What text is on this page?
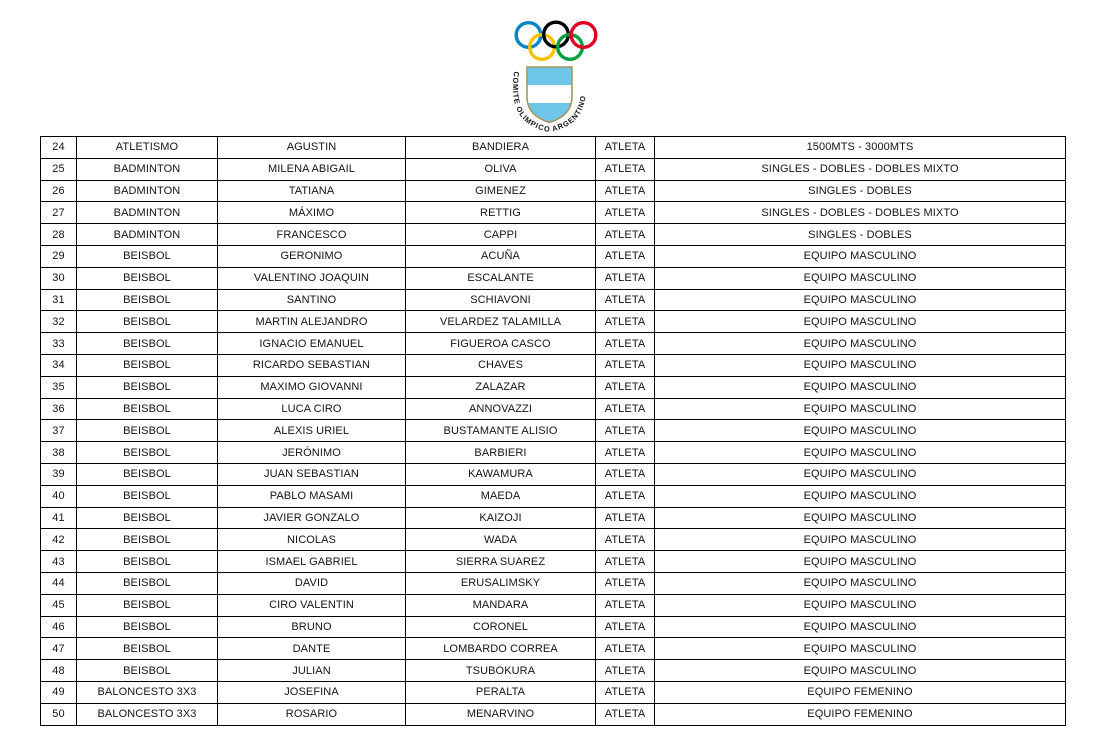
COMITE OLIMPICO ARGENTINO
24	ATLETISMO	AGUSTIN	BANDIERA	ATLETA	1500MTS - 3000MTS
25	BADMINTON	MILENA ABIGAIL	OLIVA	ATLETA	SINGLES - DOBLES - DOBLES MIXTO
26	BADMINTON	TATIANA	GIMENEZ	ATLETA	SINGLES - DOBLES
27	BADMINTON	MÁXIMO	RETTIG	ATLETA	SINGLES - DOBLES - DOBLES MIXTO
28	BADMINTON	FRANCESCO	CAPPI	ATLETA	SINGLES - DOBLES
29	BEISBOL	GERONIMO	ACUÑA	ATLETA	EQUIPO MASCULINO
30	BEISBOL	VALENTINO JOAQUIN	ESCALANTE	ATLETA	EQUIPO MASCULINO
31	BEISBOL	SANTINO	SCHIAVONI	ATLETA	EQUIPO MASCULINO
32	BEISBOL	MARTIN ALEJANDRO	VELARDEZ TALAMILLA	ATLETA	EQUIPO MASCULINO
33	BEISBOL	IGNACIO EMANUEL	FIGUEROA CASCO	ATLETA	EQUIPO MASCULINO
34	BEISBOL	RICARDO SEBASTIAN	CHAVES	ATLETA	EQUIPO MASCULINO
35	BEISBOL	MAXIMO GIOVANNI	ZALAZAR	ATLETA	EQUIPO MASCULINO
36	BEISBOL	LUCA CIRO	ANNOVAZZI	ATLETA	EQUIPO MASCULINO
37	BEISBOL	ALEXIS URIEL	BUSTAMANTE ALISIO	ATLETA	EQUIPO MASCULINO
38	BEISBOL	JERÓNIMO	BARBIERI	ATLETA	EQUIPO MASCULINO
39	BEISBOL	JUAN SEBASTIAN	KAWAMURA	ATLETA	EQUIPO MASCULINO
40	BEISBOL	PABLO MASAMI	MAEDA	ATLETA	EQUIPO MASCULINO
41	BEISBOL	JAVIER GONZALO	KAIZOJI	ATLETA	EQUIPO MASCULINO
42	BEISBOL	NICOLAS	WADA	ATLETA	EQUIPO MASCULINO
43	BEISBOL	ISMAEL GABRIEL	SIERRA SUAREZ	ATLETA	EQUIPO MASCULINO
44	BEISBOL	DAVID	ERUSALIMSKY	ATLETA	EQUIPO MASCULINO
45	BEISBOL	CIRO VALENTIN	MANDARA	ATLETA	EQUIPO MASCULINO
46	BEISBOL	BRUNO	CORONEL	ATLETA	EQUIPO MASCULINO
47	BEISBOL	DANTE	LOMBARDO CORREA	ATLETA	EQUIPO MASCULINO
48	BEISBOL	JULIAN	TSUBOKURA	ATLETA	EQUIPO MASCULINO
49	BALONCESTO 3X3	JOSEFINA	PERALTA	ATLETA	EQUIPO FEMENINO
50	BALONCESTO 3X3	ROSARIO	MENARVINO	ATLETA	EQUIPO FEMENINO
